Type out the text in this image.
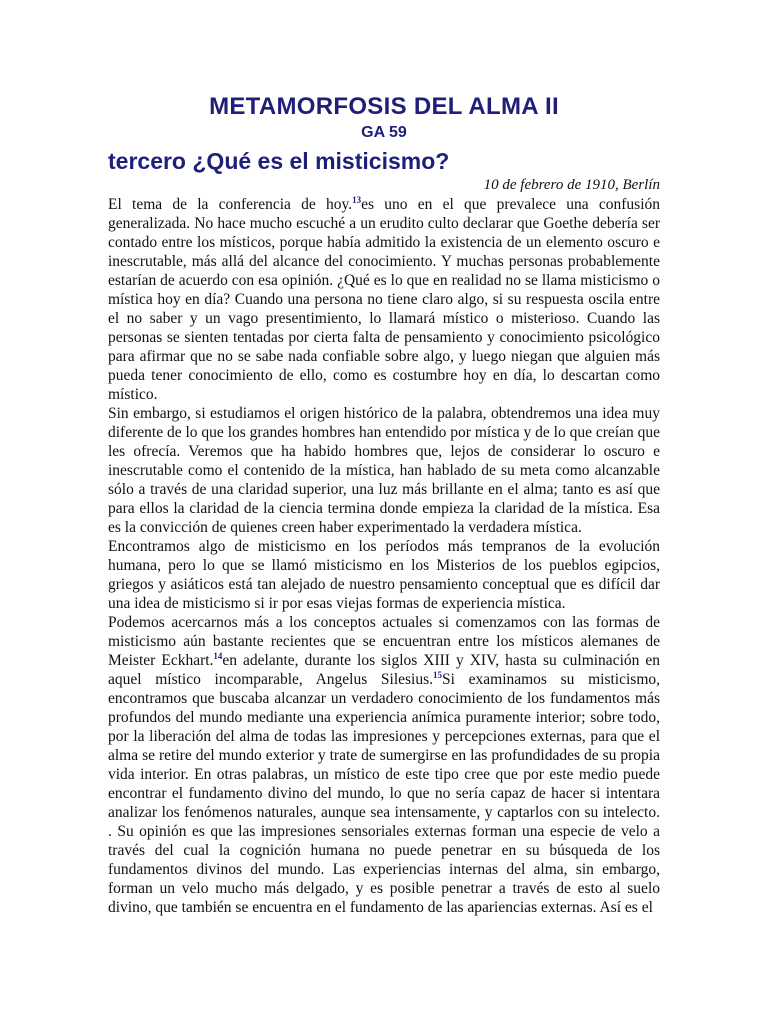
METAMORFOSIS DEL ALMA II
GA 59
tercero ¿Qué es el misticismo?

10 de febrero de 1910, Berlín

El tema de la conferencia de hoy.$^{13}$es uno en el que prevalece una confusión generalizada. No hace mucho escuché a un erudito culto declarar que Goethe debería ser contado entre los místicos, porque había admitido la existencia de un elemento oscuro e inescrutable, más allá del alcance del conocimiento. Y muchas personas probablemente estarían de acuerdo con esa opinión. ¿Qué es lo que en realidad no se llama misticismo o mística hoy en día? Cuando una persona no tiene claro algo, si su respuesta oscila entre el no saber y un vago presentimiento, lo llamará místico o misterioso. Cuando las personas se sienten tentadas por cierta falta de pensamiento y conocimiento psicológico para afirmar que no se sabe nada confiable sobre algo, y luego niegan que alguien más pueda tener conocimiento de ello, como es costumbre hoy en día, lo descartan como místico.

Sin embargo, si estudiamos el origen histórico de la palabra, obtendremos una idea muy diferente de lo que los grandes hombres han entendido por mística y de lo que creían que les ofrecía. Veremos que ha habido hombres que, lejos de considerar lo oscuro e inescrutable como el contenido de la mística, han hablado de su meta como alcanzable sólo a través de una claridad superior, una luz más brillante en el alma; tanto es así que para ellos la claridad de la ciencia termina donde empieza la claridad de la mística. Esa es la convicción de quienes creen haber experimentado la verdadera mística.

Encontramos algo de misticismo en los períodos más tempranos de la evolución humana, pero lo que se llamó misticismo en los Misterios de los pueblos egipcios, griegos y asiáticos está tan alejado de nuestro pensamiento conceptual que es difícil dar una idea de misticismo si ir por esas viejas formas de experiencia mística.

Podemos acercarnos más a los conceptos actuales si comenzamos con las formas de misticismo aún bastante recientes que se encuentran entre los místicos alemanes de Meister Eckhart.$^{14}$en adelante, durante los siglos XIII y XIV, hasta su culminación en aquel místico incomparable, Angelus Silesius.$^{15}$Si examinamos su misticismo, encontramos que buscaba alcanzar un verdadero conocimiento de los fundamentos más profundos del mundo mediante una experiencia anímica puramente interior; sobre todo, por la liberación del alma de todas las impresiones y percepciones externas, para que el alma se retire del mundo exterior y trate de sumergirse en las profundidades de su propia vida interior. En otras palabras, un místico de este tipo cree que por este medio puede encontrar el fundamento divino del mundo, lo que no sería capaz de hacer si intentara analizar los fenómenos naturales, aunque sea intensamente, y captarlos con su intelecto. . Su opinión es que las impresiones sensoriales externas forman una especie de velo a través del cual la cognición humana no puede penetrar en su búsqueda de los fundamentos divinos del mundo. Las experiencias internas del alma, sin embargo, forman un velo mucho más delgado, y es posible penetrar a través de esto al suelo divino, que también se encuentra en el fundamento de las apariencias externas. Así es el
